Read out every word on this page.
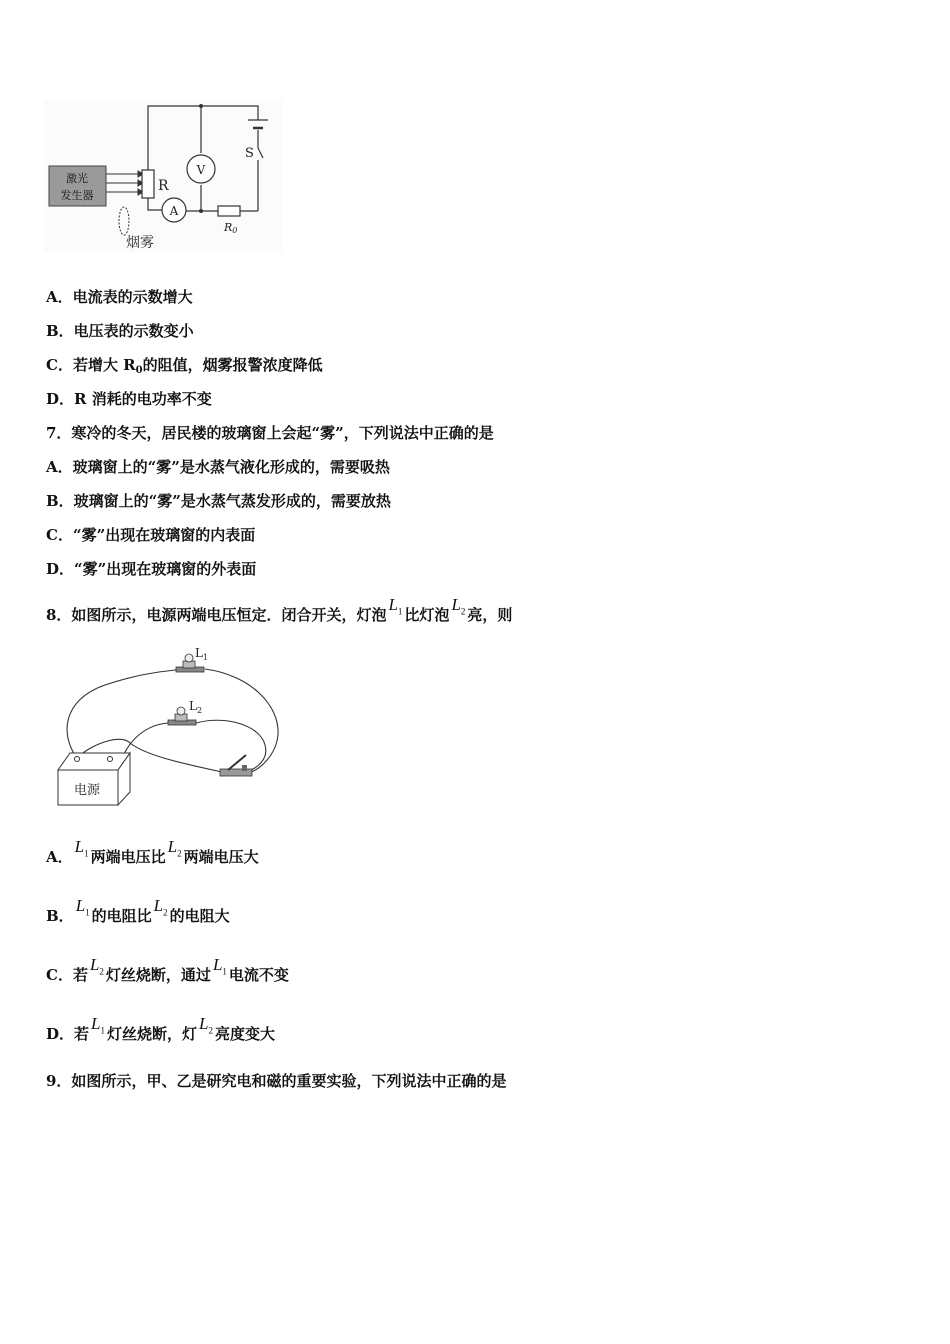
激光
发生器
S
R
V
A
R0
烟雾
A．电流表的示数增大
B．电压表的示数变小
C．若增大 $R_0$的阻值，烟雾报警浓度降低
D．R 消耗的电功率不变
7．寒冷的冬天，居民楼的玻璃窗上会起“雾”，下列说法中正确的是
A．玻璃窗上的“雾”是水蒸气液化形成的，需要吸热
B．玻璃窗上的“雾”是水蒸气蒸发形成的，需要放热
C．“雾”出现在玻璃窗的内表面
D．“雾”出现在玻璃窗的外表面
8．如图所示，电源两端电压恒定．闭合开关，灯泡$L_1$ 比灯泡$L_2$ 亮，则
$L_1$
$L_2$
电源
A．$L_1$ 两端电压比$L_2$ 两端电压大
B．$L_1$ 的电阻比$L_2$ 的电阻大
C．若$L_2$ 灯丝烧断，通过$L_1$ 电流不变
D．若$L_1$ 灯丝烧断，灯$L_2$ 亮度变大
9．如图所示，甲、乙是研究电和磁的重要实验，下列说法中正确的是
